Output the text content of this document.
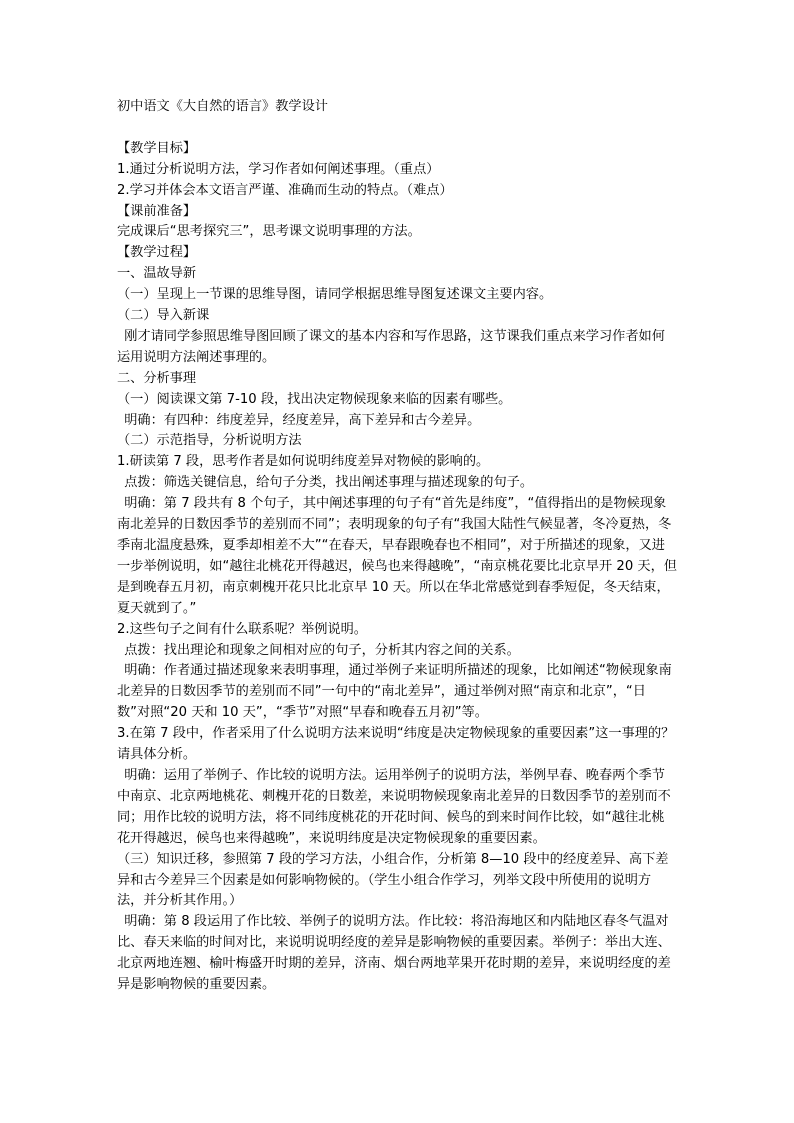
初中语文《大自然的语言》教学设计

【教学目标】

1.通过分析说明方法，学习作者如何阐述事理。（重点）

2.学习并体会本文语言严谨、准确而生动的特点。（难点）

【课前准备】

完成课后“思考探究三”，思考课文说明事理的方法。

【教学过程】

一、温故导新

（一）呈现上一节课的思维导图，请同学根据思维导图复述课文主要内容。

（二）导入新课

刚才请同学参照思维导图回顾了课文的基本内容和写作思路，这节课我们重点来学习作者如何运用说明方法阐述事理的。

二、分析事理

（一）阅读课文第 7-10 段，找出决定物候现象来临的因素有哪些。

明确：有四种：纬度差异，经度差异，高下差异和古今差异。

（二）示范指导，分析说明方法

1.研读第 7 段，思考作者是如何说明纬度差异对物候的影响的。

点拨：筛选关键信息，给句子分类，找出阐述事理与描述现象的句子。

明确：第 7 段共有 8 个句子，其中阐述事理的句子有“首先是纬度”，“值得指出的是物候现象南北差异的日数因季节的差别而不同”；表明现象的句子有“我国大陆性气候显著，冬冷夏热，冬季南北温度悬殊，夏季却相差不大”“在春天，早春跟晚春也不相同”，对于所描述的现象，又进一步举例说明，如“越往北桃花开得越迟，候鸟也来得越晚”，“南京桃花要比北京早开 20 天，但是到晚春五月初，南京刺槐开花只比北京早 10 天。所以在华北常感觉到春季短促，冬天结束，夏天就到了。”

2.这些句子之间有什么联系呢？举例说明。

点拨：找出理论和现象之间相对应的句子，分析其内容之间的关系。

明确：作者通过描述现象来表明事理，通过举例子来证明所描述的现象，比如阐述“物候现象南北差异的日数因季节的差别而不同”一句中的“南北差异”，通过举例对照“南京和北京”，“日数”对照“20 天和 10 天”，“季节”对照“早春和晚春五月初”等。

3.在第 7 段中，作者采用了什么说明方法来说明“纬度是决定物候现象的重要因素”这一事理的？请具体分析。

明确：运用了举例子、作比较的说明方法。运用举例子的说明方法，举例早春、晚春两个季节中南京、北京两地桃花、刺槐开花的日数差，来说明物候现象南北差异的日数因季节的差别而不同；用作比较的说明方法，将不同纬度桃花的开花时间、候鸟的到来时间作比较，如“越往北桃花开得越迟，候鸟也来得越晚”，来说明纬度是决定物候现象的重要因素。

（三）知识迁移，参照第 7 段的学习方法，小组合作，分析第 8—10 段中的经度差异、高下差异和古今差异三个因素是如何影响物候的。（学生小组合作学习，列举文段中所使用的说明方法，并分析其作用。）

明确：第 8 段运用了作比较、举例子的说明方法。作比较：将沿海地区和内陆地区春冬气温对比、春天来临的时间对比，来说明说明经度的差异是影响物候的重要因素。举例子：举出大连、北京两地连翘、榆叶梅盛开时期的差异，济南、烟台两地苹果开花时期的差异，来说明经度的差异是影响物候的重要因素。
